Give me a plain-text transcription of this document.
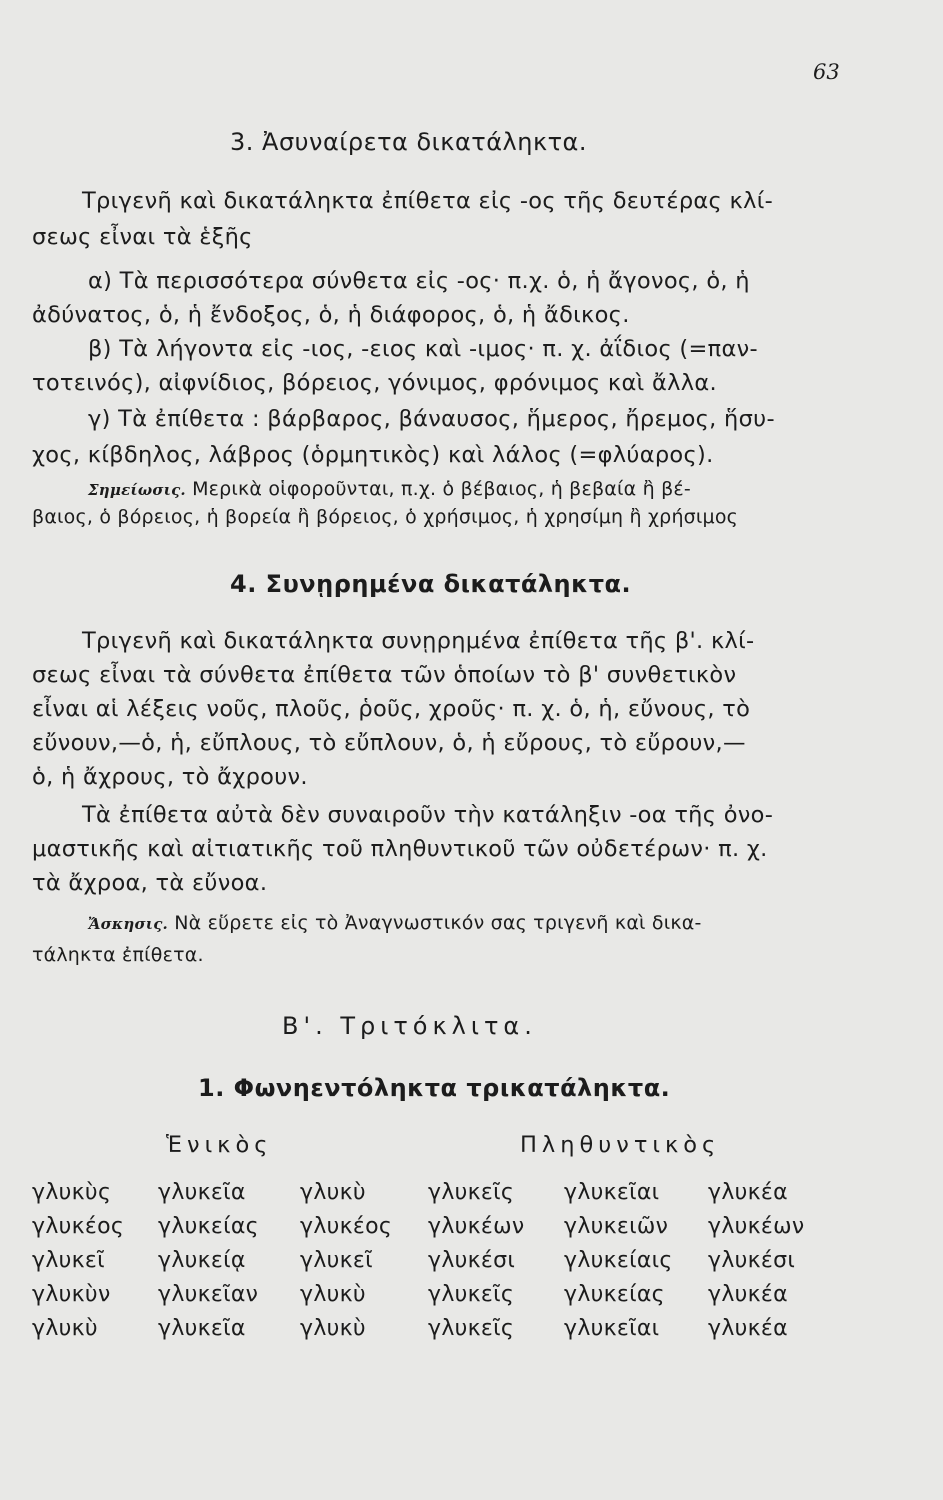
63
3. Ἀσυναίρετα δικατάληκτα.
Τριγενῆ καὶ δικατάληκτα ἐπίθετα εἰς -ος τῆς δευτέρας κλί-
σεως εἶναι τὰ ἑξῆς
α) Τὰ περισσότερα σύνθετα εἰς -ος· π.χ. ὁ, ἡ ἄγονος, ὁ, ἡ
ἀδύνατος, ὁ, ἡ ἔνδοξος, ὁ, ἡ διάφορος, ὁ, ἡ ἄδικος.
β) Τὰ λήγοντα εἰς -ιος, -ειος καὶ -ιμος· π. χ. ἀΐδιος (=παν-
τοτεινός), αἰφνίδιος, βόρειος, γόνιμος, φρόνιμος καὶ ἄλλα.
γ) Τὰ ἐπίθετα : βάρβαρος, βάναυσος, ἥμερος, ἤρεμος, ἥσυ-
χος, κίβδηλος, λάβρος (ὁρμητικὸς) καὶ λάλος (=φλύαρος).
Σημείωσις. Μερικὰ οἱφοροῦνται, π.χ. ὁ βέβαιος, ἡ βεβαία ἢ βέ-
βαιος, ὁ βόρειος, ἡ βορεία ἢ βόρειος, ὁ χρήσιμος, ἡ χρησίμη ἢ χρήσιμος
4. Συνῃρημένα δικατάληκτα.
Τριγενῆ καὶ δικατάληκτα συνῃρημένα ἐπίθετα τῆς β'. κλί-
σεως εἶναι τὰ σύνθετα ἐπίθετα τῶν ὁποίων τὸ β' συνθετικὸν
εἶναι αἱ λέξεις νοῦς, πλοῦς, ῥοῦς, χροῦς· π. χ. ὁ, ἡ, εὔνους, τὸ
εὔνουν,—ὁ, ἡ, εὔπλους, τὸ εὔπλουν, ὁ, ἡ εὔρους, τὸ εὔρουν,—
ὁ, ἡ ἄχρους, τὸ ἄχρουν.
Τὰ ἐπίθετα αὐτὰ δὲν συναιροῦν τὴν κατάληξιν -οα τῆς ὀνο-
μαστικῆς καὶ αἰτιατικῆς τοῦ πληθυντικοῦ τῶν οὐδετέρων· π. χ.
τὰ ἄχροα, τὰ εὔνοα.
Ἄσκησις. Νὰ εὕρετε εἰς τὸ Ἀναγνωστικόν σας τριγενῆ καὶ δικα-
τάληκτα ἐπίθετα.
Β'. Τριτόκλιτα.
1. Φωνηεντόληκτα τρικατάληκτα.
Ἑνικὸς	Πληθυντικὸς
γλυκὺς γλυκεῖα γλυκὺ	γλυκεῖς γλυκεῖαι γλυκέα
γλυκέος γλυκείας γλυκέος γλυκέων γλυκειῶν γλυκέων
γλυκεῖ γλυκείᾳ γλυκεῖ	γλυκέσι γλυκείαις γλυκέσι
γλυκὺν γλυκεῖαν γλυκὺ	γλυκεῖς γλυκείας γλυκέα
γλυκὺ	γλυκεῖα γλυκὺ	γλυκεῖς γλυκεῖαι γλυκέα
